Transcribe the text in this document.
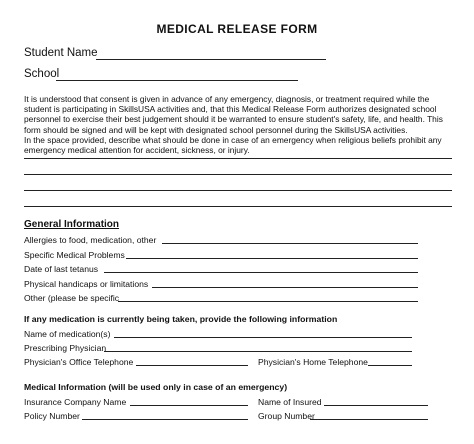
MEDICAL RELEASE FORM
Student Name
School

It is understood that consent is given in advance of any emergency, diagnosis, or treatment required while the student is participating in SkillsUSA activities and, that this Medical Release Form authorizes designated school personnel to exercise their best judgement should it be warranted to ensure student's safety, life, and health. This form should be signed and will be kept with designated school personnel during the SkillsUSA activities.

In the space provided, describe what should be done in case of an emergency when religious beliefs prohibit any emergency medical attention for accident, sickness, or injury.

General Information
Allergies to food, medication, other
Specific Medical Problems
Date of last tetanus
Physical handicaps or limitations
Other (please be specific
If any medication is currently being taken, provide the following information
Name of medication(s)
Prescribing Physician
Physician's Office Telephone	Physician's Home Telephone
Medical Information (will be used only in case of an emergency)
Insurance Company Name	Name of Insured
Policy Number	Group Number
